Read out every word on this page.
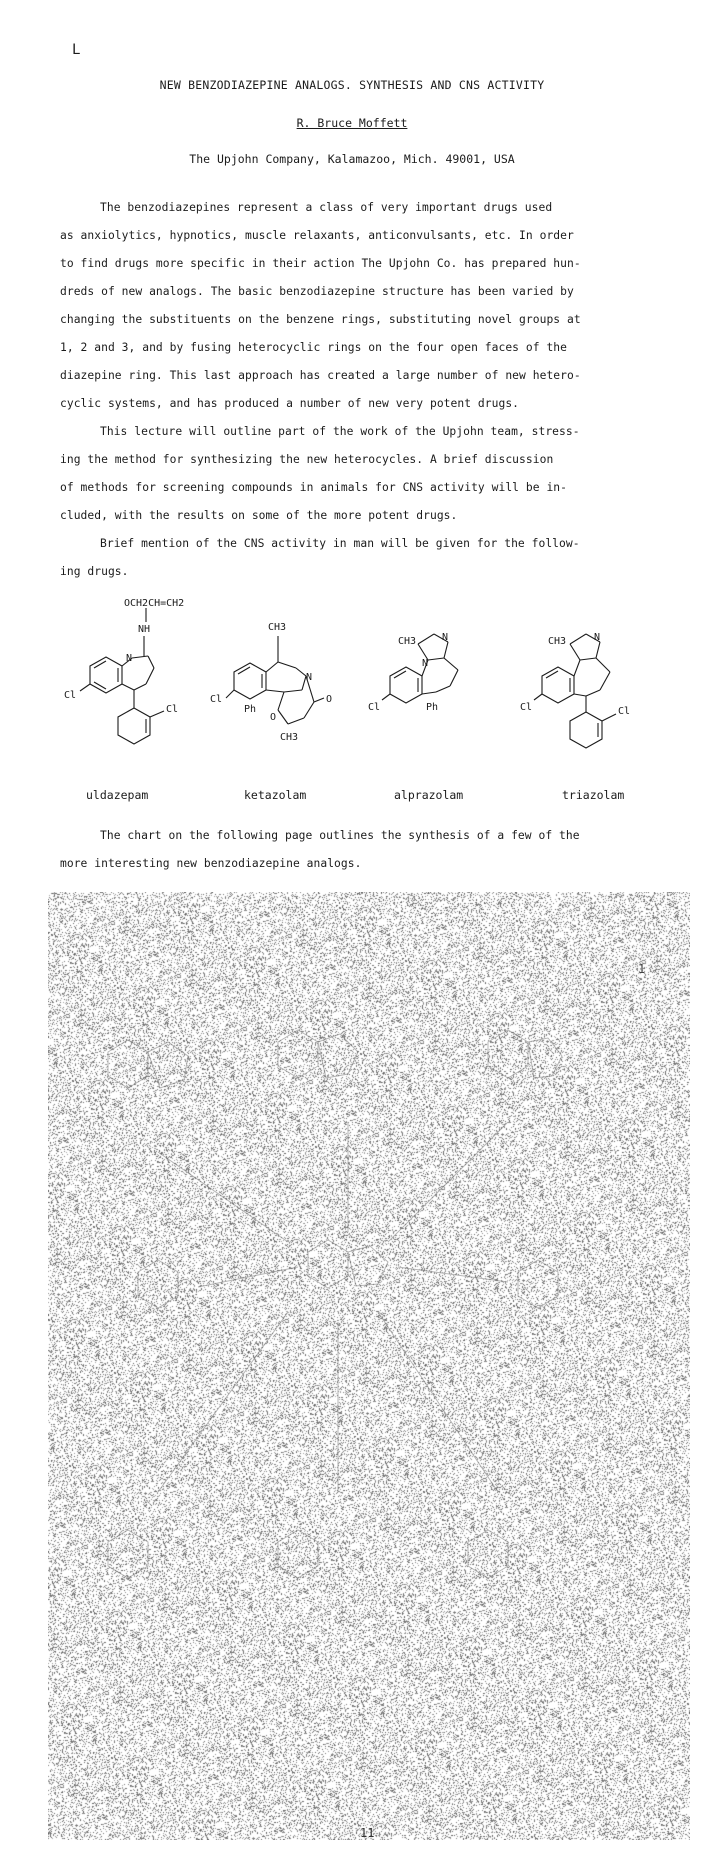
L
NEW BENZODIAZEPINE ANALOGS. SYNTHESIS AND CNS ACTIVITY
R. Bruce Moffett
The Upjohn Company, Kalamazoo, Mich. 49001, USA
The benzodiazepines represent a class of very important drugs used
as anxiolytics, hypnotics, muscle relaxants, anticonvulsants, etc. In order
to find drugs more specific in their action The Upjohn Co. has prepared hun-
dreds of new analogs. The basic benzodiazepine structure has been varied by
changing the substituents on the benzene rings, substituting novel groups at
1, 2 and 3, and by fusing heterocyclic rings on the four open faces of the
diazepine ring. This last approach has created a large number of new hetero-
cyclic systems, and has produced a number of new very potent drugs.
This lecture will outline part of the work of the Upjohn team, stress-
ing the method for synthesizing the new heterocycles. A brief discussion
of methods for screening compounds in animals for CNS activity will be in-
cluded, with the results on some of the more potent drugs.
Brief mention of the CNS activity in man will be given for the follow-
ing drugs.
OCH2CH=CH2
NH
N
Cl
Cl
CH3
N
Cl
Ph
O
O
CH3
CH3	N
N
Cl	Ph
CH3	N
Cl	Cl
uldazepam	ketazolam	alprazolam	triazolam
The chart on the following page outlines the synthesis of a few of the
more interesting new benzodiazepine analogs.
1
11
